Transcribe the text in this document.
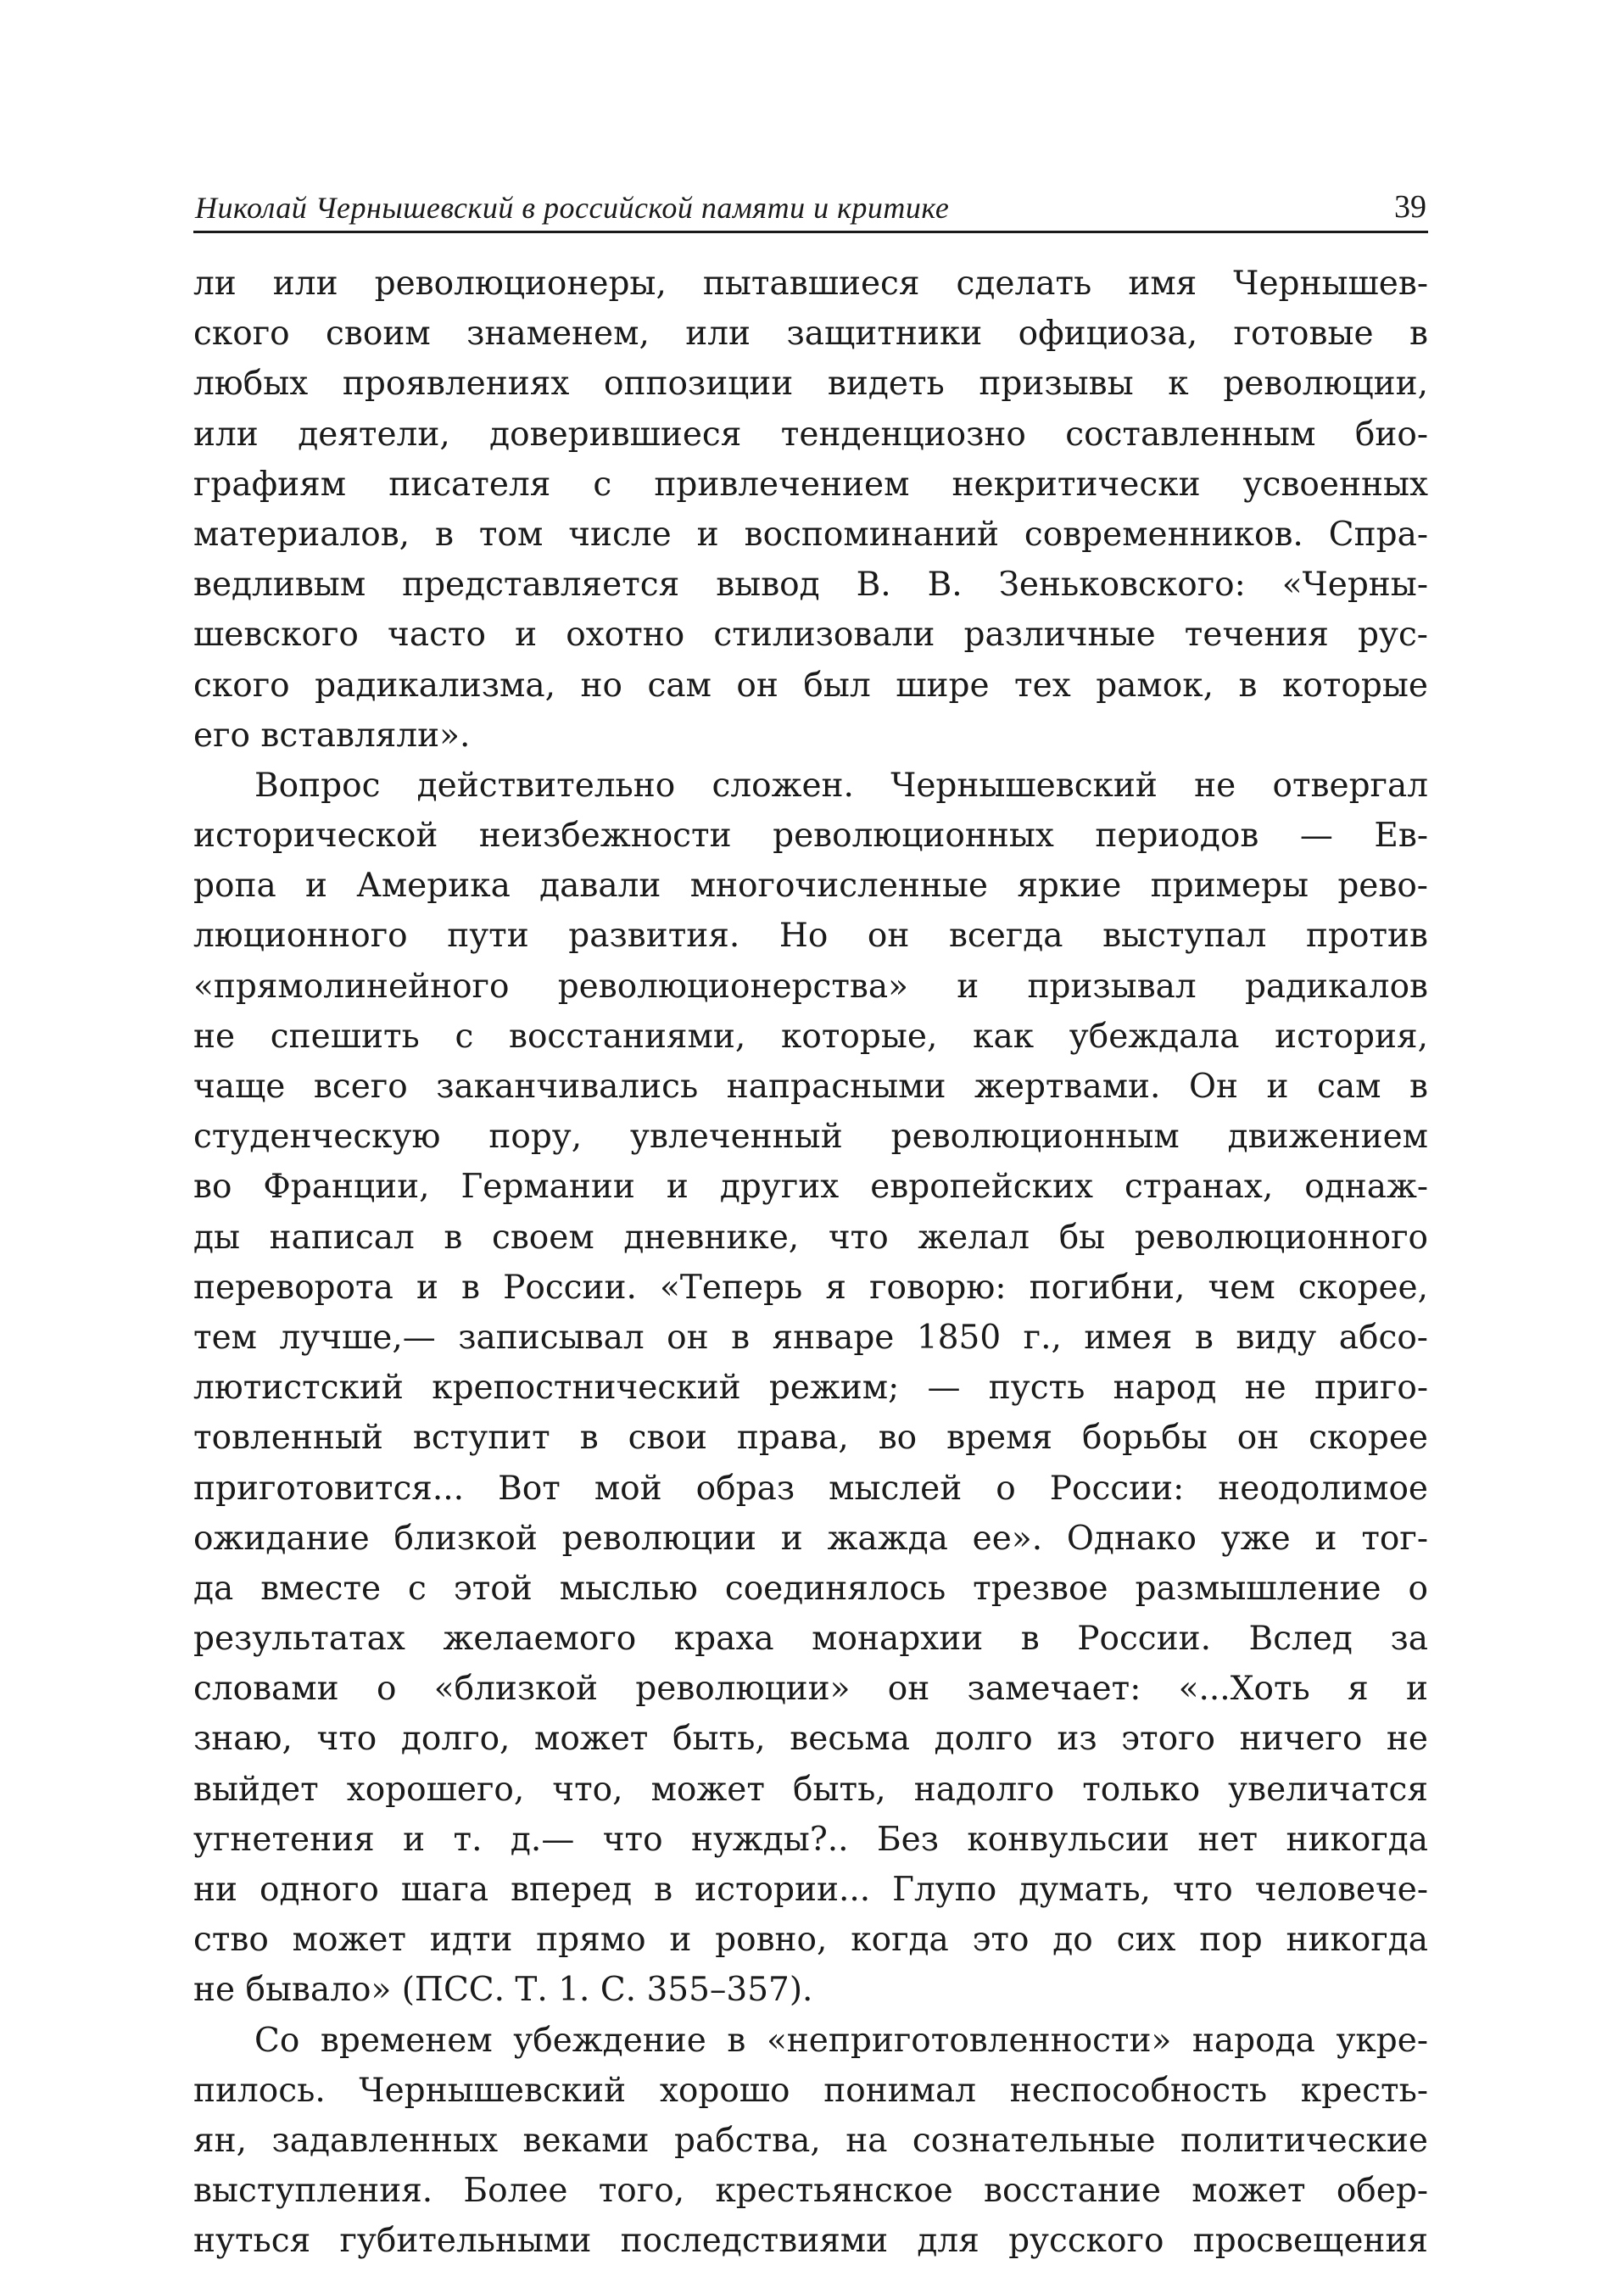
Николай Чернышевский в российской памяти и критике	39
ли или революционеры, пытавшиеся сделать имя Чернышев-
ского своим знаменем, или защитники официоза, готовые в
любых проявлениях оппозиции видеть призывы к революции,
или деятели, доверившиеся тенденциозно составленным био-
графиям писателя с привлечением некритически усвоенных
материалов, в том числе и воспоминаний современников. Спра-
ведливым представляется вывод В. В. Зеньковского: «Черны-
шевского часто и охотно стилизовали различные течения рус-
ского радикализма, но сам он был шире тех рамок, в которые
его вставляли».
Вопрос действительно сложен. Чернышевский не отвергал
исторической неизбежности революционных периодов — Ев-
ропа и Америка давали многочисленные яркие примеры рево-
люционного пути развития. Но он всегда выступал против
«прямолинейного революционерства» и призывал радикалов
не спешить с восстаниями, которые, как убеждала история,
чаще всего заканчивались напрасными жертвами. Он и сам в
студенческую пору, увлеченный революционным движением
во Франции, Германии и других европейских странах, однаж-
ды написал в своем дневнике, что желал бы революционного
переворота и в России. «Теперь я говорю: погибни, чем скорее,
тем лучше,— записывал он в январе 1850 г., имея в виду абсо-
лютистский крепостнический режим; — пусть народ не приго-
товленный вступит в свои права, во время борьбы он скорее
приготовится... Вот мой образ мыслей о России: неодолимое
ожидание близкой революции и жажда ее». Однако уже и тог-
да вместе с этой мыслью соединялось трезвое размышление о
результатах желаемого краха монархии в России. Вслед за
словами о «близкой революции» он замечает: «...Хоть я и
знаю, что долго, может быть, весьма долго из этого ничего не
выйдет хорошего, что, может быть, надолго только увеличатся
угнетения и т. д.— что нужды?.. Без конвульсии нет никогда
ни одного шага вперед в истории... Глупо думать, что человече-
ство может идти прямо и ровно, когда это до сих пор никогда
не бывало» (ПСС. Т. 1. С. 355–357).
Со временем убеждение в «неприготовленности» народа укре-
пилось. Чернышевский хорошо понимал неспособность кресть-
ян, задавленных веками рабства, на сознательные политические
выступления. Более того, крестьянское восстание может обер-
нуться губительными последствиями для русского просвещения
